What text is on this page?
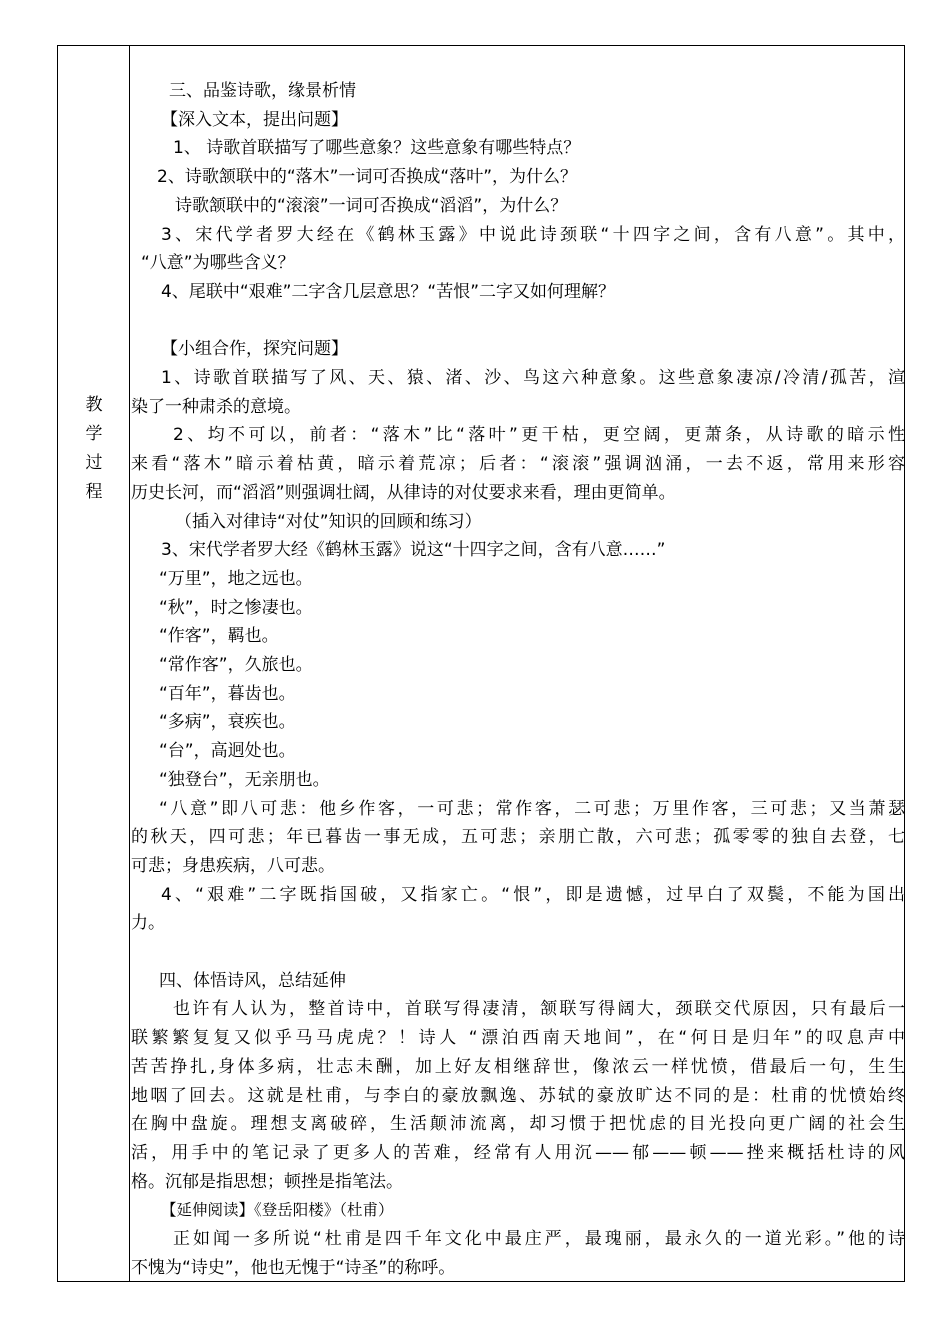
教
学
过
程
三、品鉴诗歌，缘景析情
【深入文本，提出问题】
1、 诗歌首联描写了哪些意象？这些意象有哪些特点？
2、诗歌颔联中的“落木”一词可否换成“落叶”，为什么？
诗歌颔联中的“滚滚”一词可否换成“滔滔”，为什么？
3、宋代学者罗大经在《鹤林玉露》中说此诗颈联“十四字之间，含有八意”。其中，
“八意”为哪些含义？
4、尾联中“艰难”二字含几层意思？“苦恨”二字又如何理解？
【小组合作，探究问题】
1、诗歌首联描写了风、天、猿、渚、沙、鸟这六种意象。这些意象凄凉/冷清/孤苦，渲
染了一种肃杀的意境。
2、均不可以，前者：“落木”比“落叶”更干枯，更空阔，更萧条，从诗歌的暗示性
来看“落木”暗示着枯黄，暗示着荒凉；后者：“滚滚”强调汹涌，一去不返，常用来形容
历史长河，而“滔滔”则强调壮阔，从律诗的对仗要求来看，理由更简单。
（插入对律诗“对仗”知识的回顾和练习）
3、宋代学者罗大经《鹤林玉露》说这“十四字之间，含有八意……”
“万里”，地之远也。
“秋”，时之惨凄也。
“作客”，羁也。
“常作客”，久旅也。
“百年”，暮齿也。
“多病”，衰疾也。
“台”，高迥处也。
“独登台”，无亲朋也。
“八意”即八可悲：他乡作客，一可悲；常作客，二可悲；万里作客，三可悲；又当萧瑟
的秋天，四可悲；年已暮齿一事无成，五可悲；亲朋亡散，六可悲；孤零零的独自去登，七
可悲；身患疾病，八可悲。
4、“艰难”二字既指国破，又指家亡。“恨”，即是遗憾，过早白了双鬓，不能为国出
力。
四、体悟诗风，总结延伸
也许有人认为，整首诗中，首联写得凄清，颔联写得阔大，颈联交代原因，只有最后一
联繁繁复复又似乎马马虎虎？！诗人 “漂泊西南天地间”，在“何日是归年”的叹息声中
苦苦挣扎,身体多病，壮志未酬，加上好友相继辞世，像浓云一样忧愤，借最后一句，生生
地咽了回去。这就是杜甫，与李白的豪放飘逸、苏轼的豪放旷达不同的是：杜甫的忧愤始终
在胸中盘旋。理想支离破碎，生活颠沛流离，却习惯于把忧虑的目光投向更广阔的社会生
活，用手中的笔记录了更多人的苦难，经常有人用沉——郁——顿——挫来概括杜诗的风
格。沉郁是指思想；顿挫是指笔法。
【延伸阅读】《登岳阳楼》（杜甫）
正如闻一多所说“杜甫是四千年文化中最庄严，最瑰丽，最永久的一道光彩。”他的诗
不愧为“诗史”，他也无愧于“诗圣”的称呼。
